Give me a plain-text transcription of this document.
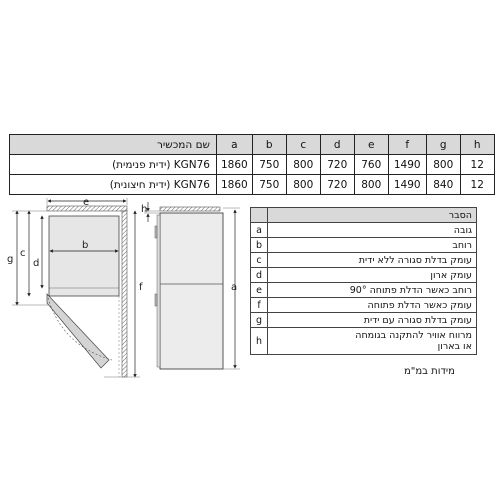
שם המכשיר	a	b	c	d	e	f	g	h
KGN76 (ידית פנימית)	1860	750	800	720	760	1490	800	12
KGN76 (ידית חיצונית)	1860	750	800	720	800	1490	840	12
e
b
d
c
g
f
h
a
	הסבר
a	גובה
b	רוחב
c	עומק בדלת סגורה ללא ידית
d	עומק ארון
e	רוחב כאשר הדלת פתוחה 90°
f	עומק כאשר הדלת פתוחה
g	עומק בדלת סגורה עם ידית
h	מרווח אוויר להתקנה בגומחה
או בארון
מידות במ"מ
